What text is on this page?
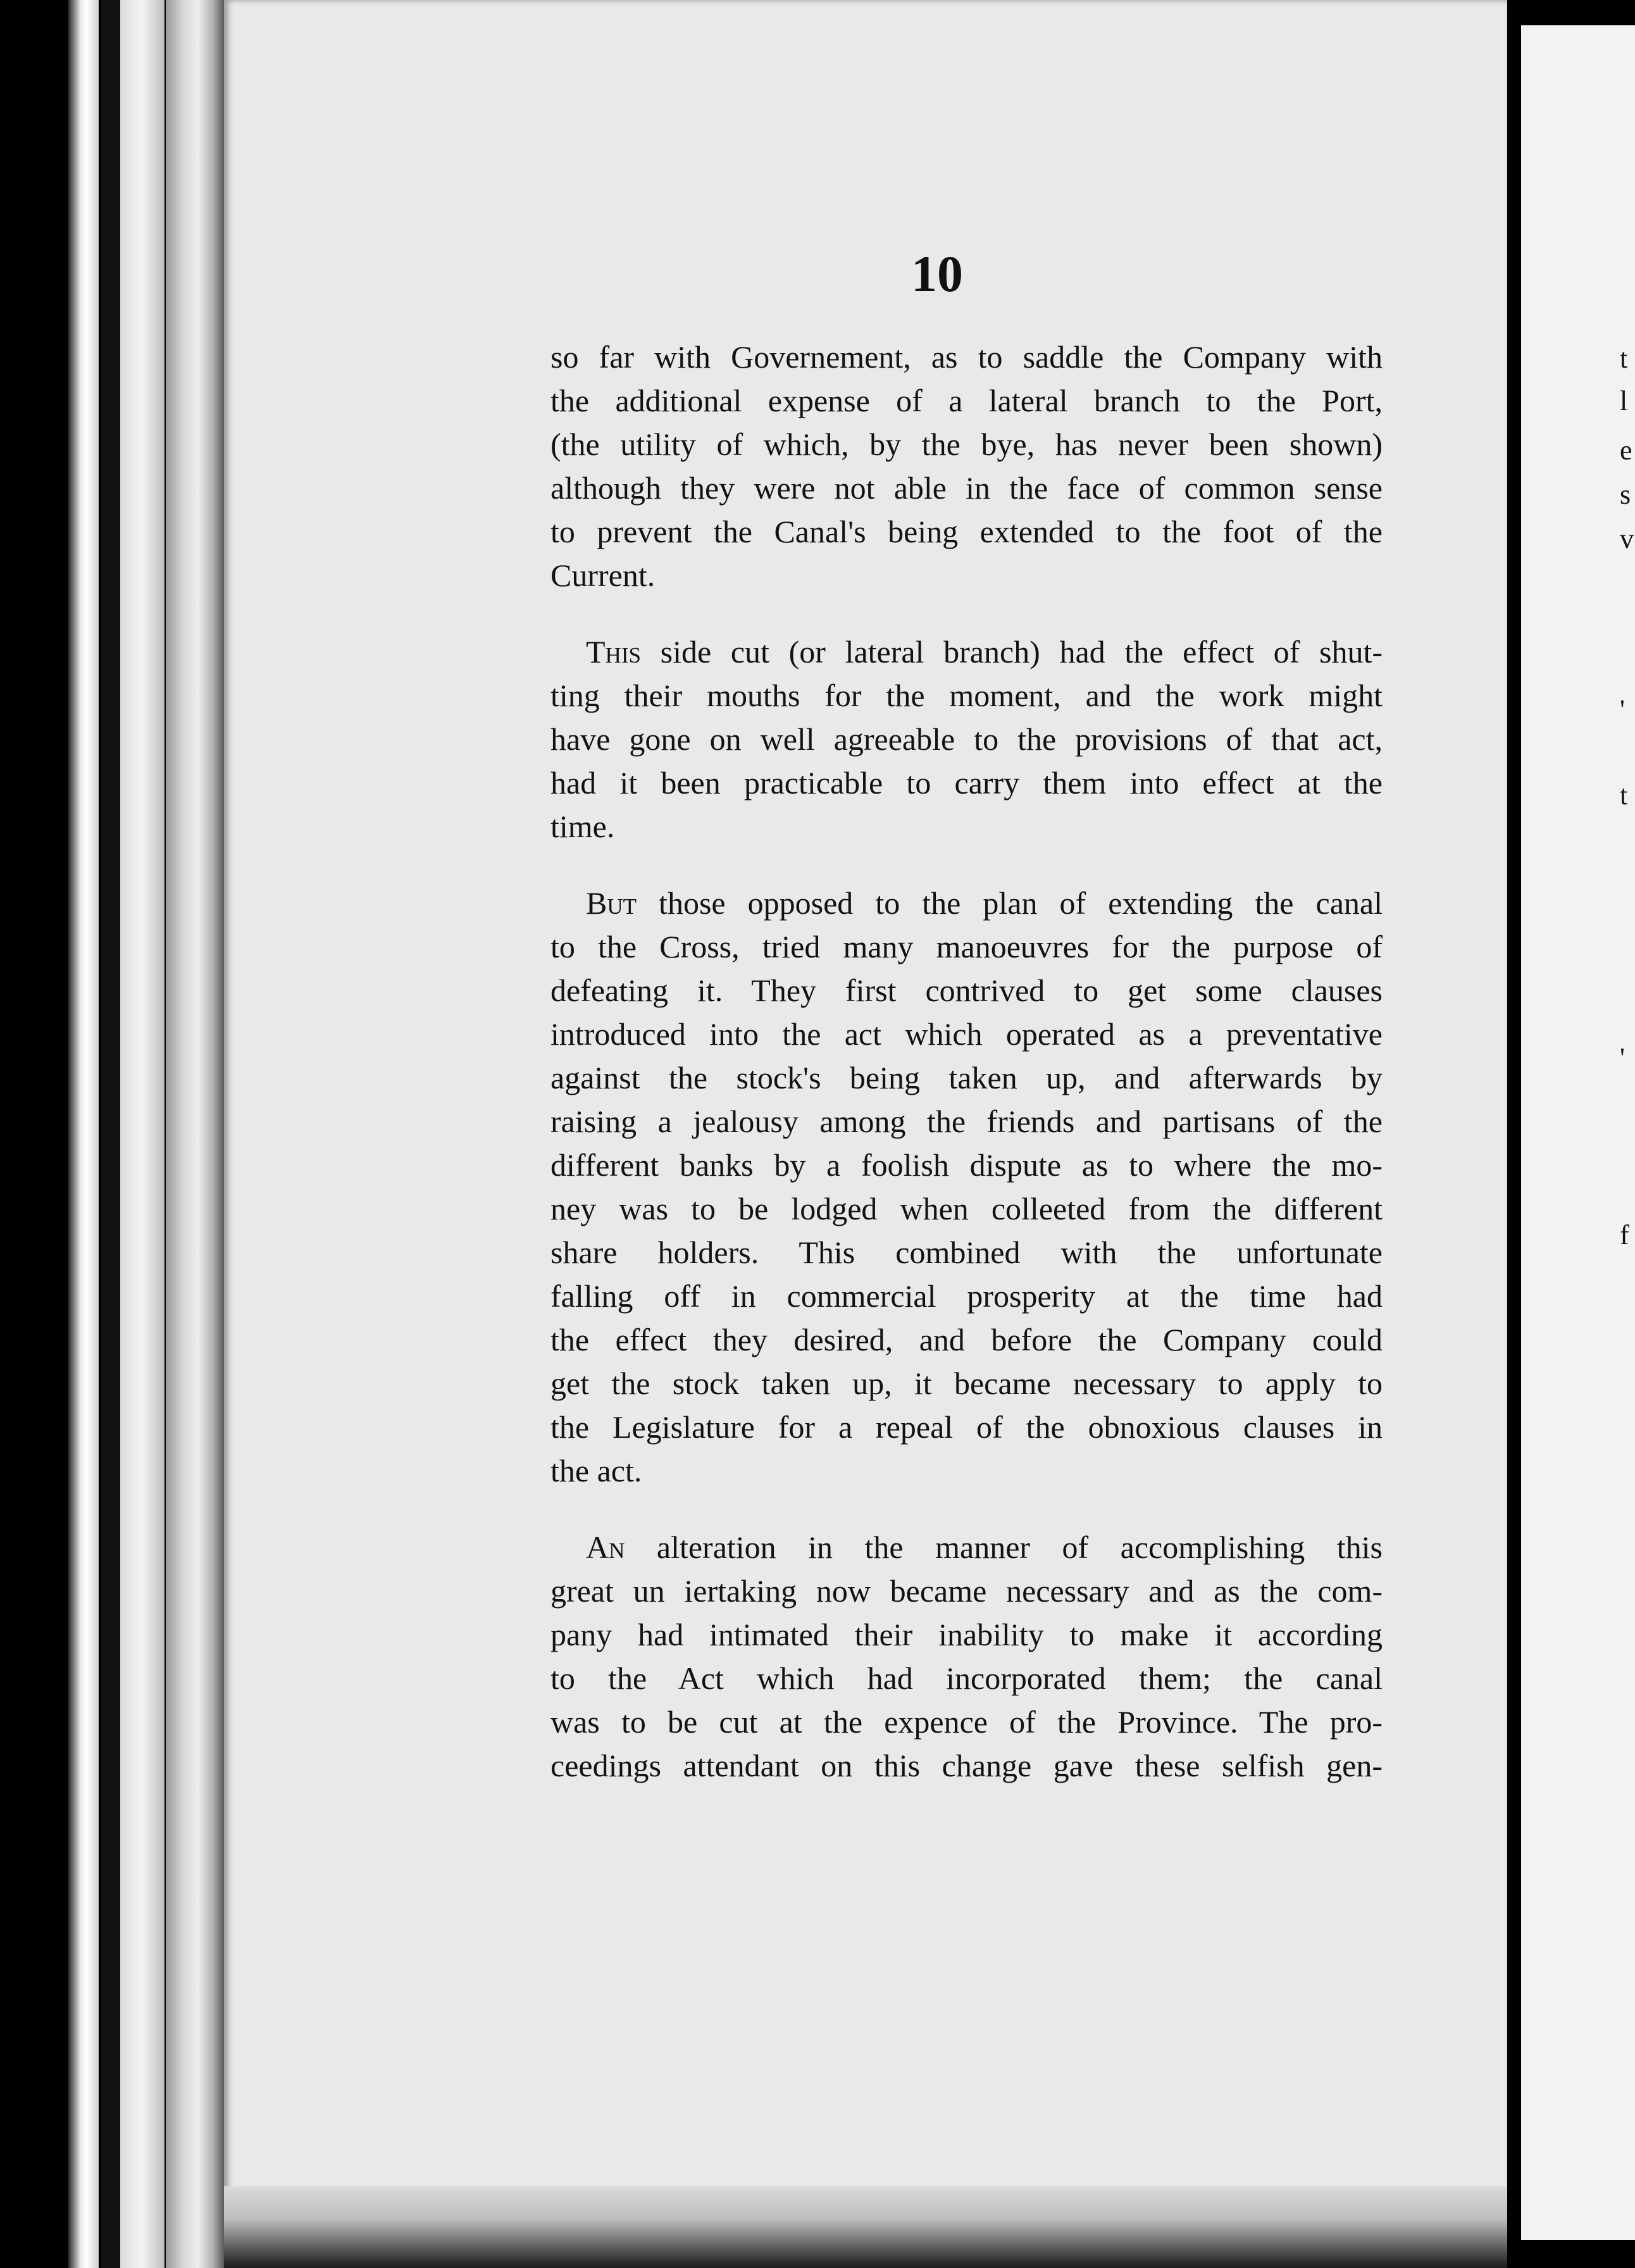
t
l
e
s
v
'
t
'
f
10
so far with Governement, as to saddle the Company with
the additional expense of a lateral branch to the Port,
(the utility of which, by the bye, has never been shown)
although they were not able in the face of common sense
to prevent the Canal's being extended to the foot of the
Current.
This side cut (or lateral branch) had the effect of shut-
ting their mouths for the moment, and the work might
have gone on well agreeable to the provisions of that act,
had it been practicable to carry them into effect at the
time.
But those opposed to the plan of extending the canal
to the Cross, tried many manoeuvres for the purpose of
defeating it. They first contrived to get some clauses
introduced into the act which operated as a preventative
against the stock's being taken up, and afterwards by
raising a jealousy among the friends and partisans of the
different banks by a foolish dispute as to where the mo-
ney was to be lodged when colleeted from the different
share holders. This combined with the unfortunate
falling off in commercial prosperity at the time had
the effect they desired, and before the Company could
get the stock taken up, it became necessary to apply to
the Legislature for a repeal of the obnoxious clauses in
the act.
An alteration in the manner of accomplishing this
great un iertaking now became necessary and as the com-
pany had intimated their inability to make it according
to the Act which had incorporated them; the canal
was to be cut at the expence of the Province. The pro-
ceedings attendant on this change gave these selfish gen-
